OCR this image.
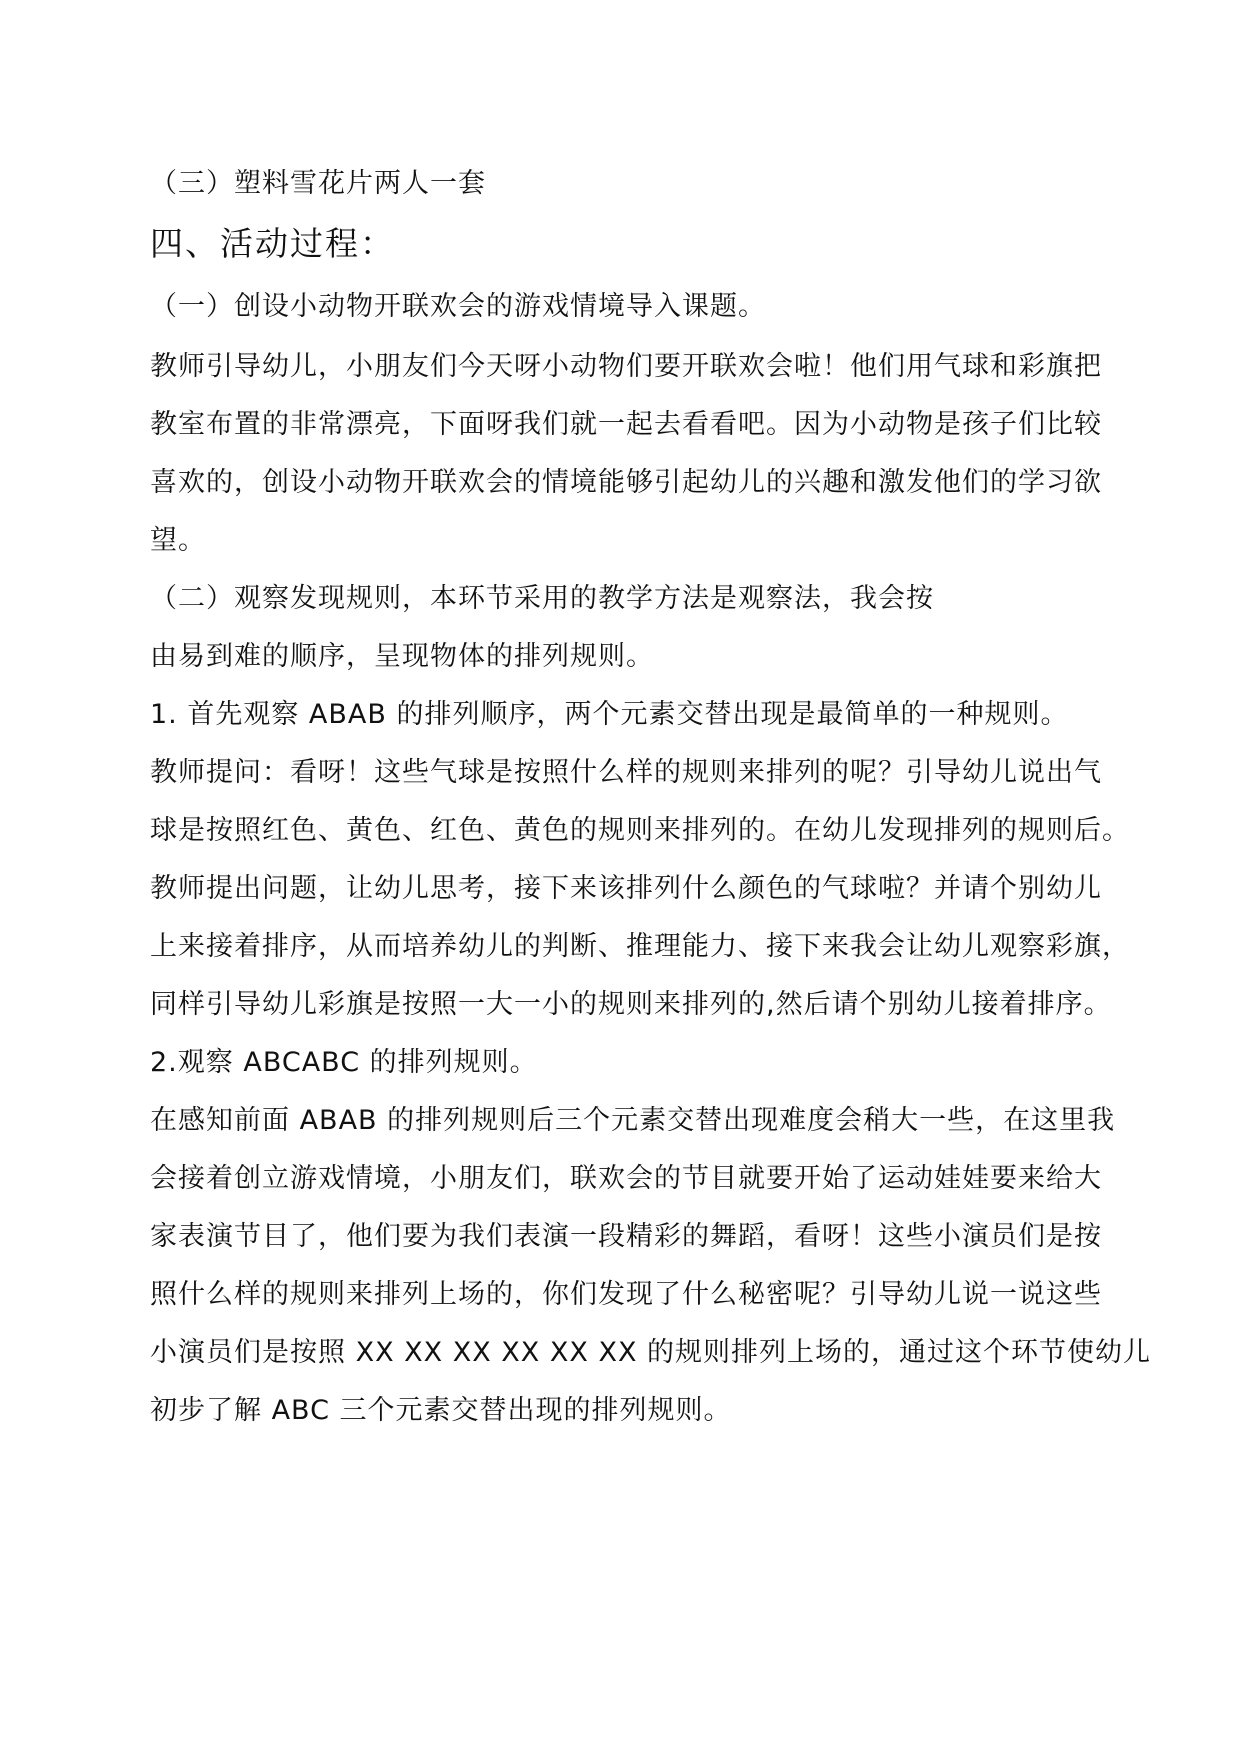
（三）塑料雪花片两人一套
四、活动过程：
（一）创设小动物开联欢会的游戏情境导入课题。
教师引导幼儿，小朋友们今天呀小动物们要开联欢会啦！他们用气球和彩旗把
教室布置的非常漂亮，下面呀我们就一起去看看吧。因为小动物是孩子们比较
喜欢的，创设小动物开联欢会的情境能够引起幼儿的兴趣和激发他们的学习欲
望。
（二）观察发现规则，本环节采用的教学方法是观察法，我会按
由易到难的顺序，呈现物体的排列规则。
1. 首先观察 ABAB 的排列顺序，两个元素交替出现是最简单的一种规则。
教师提问：看呀！这些气球是按照什么样的规则来排列的呢？引导幼儿说出气
球是按照红色、黄色、红色、黄色的规则来排列的。在幼儿发现排列的规则后。
教师提出问题，让幼儿思考，接下来该排列什么颜色的气球啦？并请个别幼儿
上来接着排序，从而培养幼儿的判断、推理能力、接下来我会让幼儿观察彩旗，
同样引导幼儿彩旗是按照一大一小的规则来排列的,然后请个别幼儿接着排序。
2.观察 ABCABC 的排列规则。
在感知前面 ABAB 的排列规则后三个元素交替出现难度会稍大一些，在这里我
会接着创立游戏情境，小朋友们，联欢会的节目就要开始了运动娃娃要来给大
家表演节目了，他们要为我们表演一段精彩的舞蹈，看呀！这些小演员们是按
照什么样的规则来排列上场的，你们发现了什么秘密呢？引导幼儿说一说这些
小演员们是按照 XX XX XX XX XX XX 的规则排列上场的，通过这个环节使幼儿
初步了解 ABC 三个元素交替出现的排列规则。
